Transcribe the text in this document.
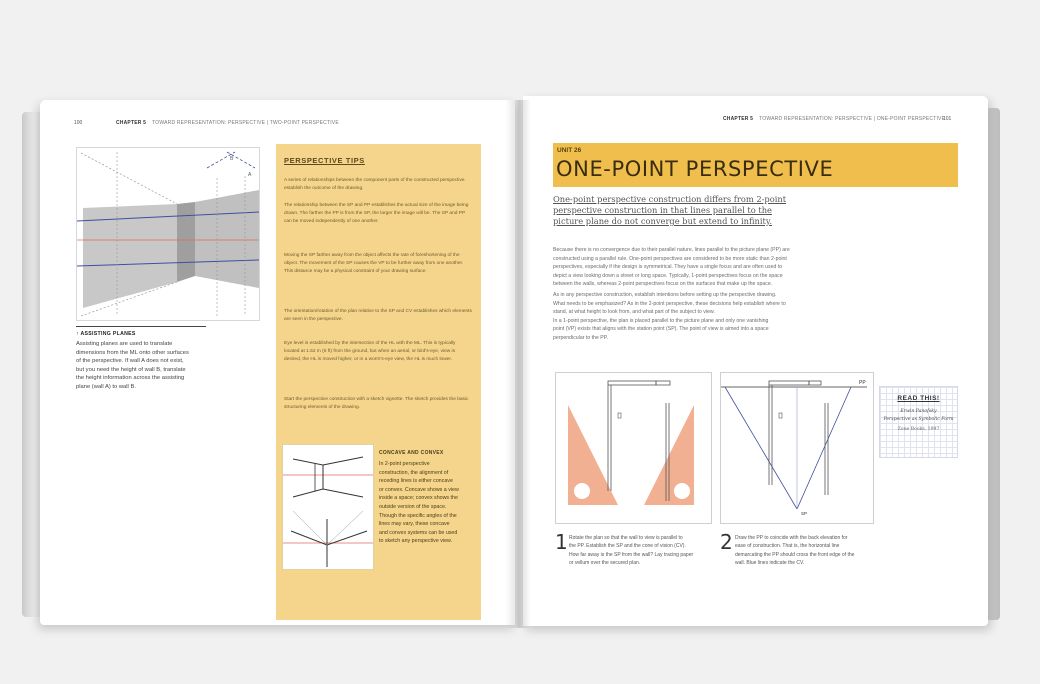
100	CHAPTER 5 TOWARD REPRESENTATION: PERSPECTIVE | TWO-POINT PERSPECTIVE
B
A
↑ ASSISTING PLANES
Assisting planes are used to translate
dimensions from the ML onto other surfaces
of the perspective. If wall A does not exist,
but you need the height of wall B, translate
the height information across the assisting
plane (wall A) to wall B.
PERSPECTIVE TIPS
A series of relationships between the component parts of the constructed perspective establish the outcome of the drawing.
The relationship between the SP and PP establishes the actual size of the image being drawn. The farther the PP is from the SP, the larger the image will be. The SP and PP can be moved independently of one another.
Moving the SP farther away from the object affects the rate of foreshortening of the object. The movement of the SP causes the VP to be further away from one another. This distance may be a physical constraint of your drawing surface.
The orientation/rotation of the plan relative to the SP and CV establishes which elements are seen in the perspective.
Eye level is established by the intersection of the HL with the ML. This is typically located at 1.52 m (5 ft) from the ground, but when an aerial, or bird's-eye, view is desired, the HL is moved higher, or in a worm's-eye view, the HL is much lower.
Start the perspective construction with a sketch vignette. The sketch provides the basic structuring elements of the drawing.
CONCAVE AND CONVEX
In 2-point perspective
construction, the alignment of
receding lines is either concave
or convex. Concave shows a view
inside a space; convex shows the
outside version of the space.
Though the specific angles of the
lines may vary, these concave
and convex systems can be used
to sketch any perspective view.
CHAPTER 5 TOWARD REPRESENTATION: PERSPECTIVE | ONE-POINT PERSPECTIVE
101
UNIT 26
ONE-POINT PERSPECTIVE
One-point perspective construction differs from 2-point
perspective construction in that lines parallel to the
picture plane do not converge but extend to infinity.
Because there is no convergence due to their parallel nature, lines parallel to the picture plane (PP) are
constructed using a parallel rule. One-point perspectives are considered to be more static than 2-point
perspectives, especially if the design is symmetrical. They have a single focus and are often used to
depict a view looking down a street or long space. Typically, 1-point perspectives focus on the space
between the walls, whereas 2-point perspectives focus on the surfaces that make up the space.
As in any perspective construction, establish intentions before setting up the perspective drawing.
What needs to be emphasized? As in the 2-point perspective, these decisions help establish where to
stand, at what height to look from, and what part of the subject to view.
In a 1-point perspective, the plan is placed parallel to the picture plane and only one vanishing
point (VP) exists that aligns with the station point (SP). The point of view is aimed into a space
perpendicular to the PP.
PP
SP
READ THIS!
Erwin Panofsky
Perspective as Symbolic Form
Zone Books, 1997
1 Rotate the plan so that the wall to view is parallel to
the PP. Establish the SP and the cone of vision (CV).
How far away is the SP from the wall? Lay tracing paper
or vellum over the secured plan.
2 Draw the PP to coincide with the back elevation for
ease of construction. That is, the horizontal line
demarcating the PP should cross the front edge of the
wall. Blue lines indicate the CV.
